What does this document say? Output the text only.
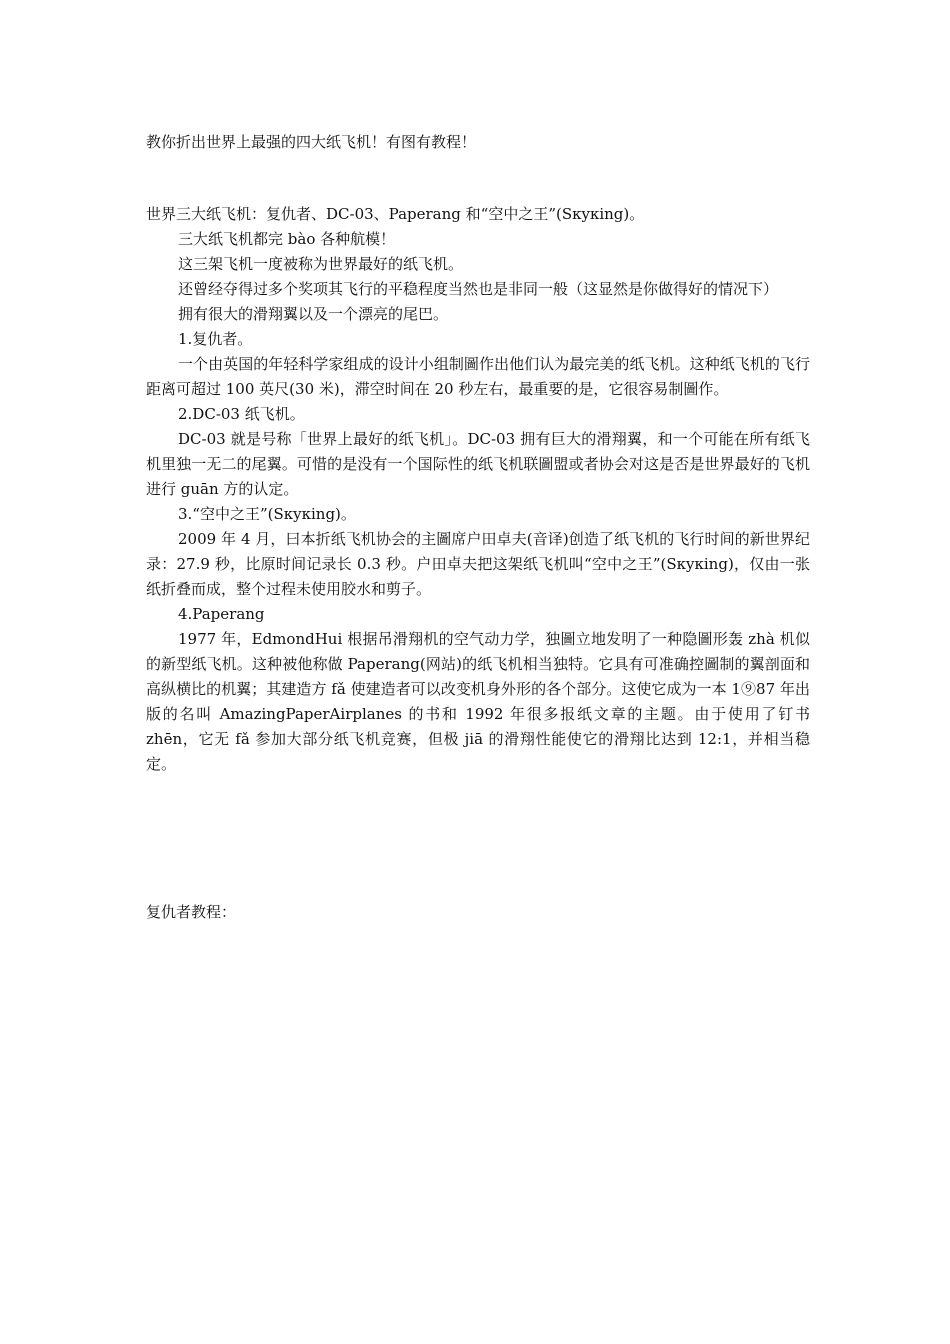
教你折出世界上最强的四大纸飞机！有图有教程！

世界三大纸飞机：复仇者、DC-03、Paperang 和“空中之王”(Sкyкing)。

三大纸飞机都完 bào 各种航模！

这三架飞机一度被称为世界最好的纸飞机。

还曾经夺得过多个奖项其飞行的平稳程度当然也是非同一般（这显然是你做得好的情况下）

拥有很大的滑翔翼以及一个漂亮的尾巴。

1.复仇者。

一个由英国的年轻科学家组成的设计小组制圖作出他们认为最完美的纸飞机。这种纸飞机的飞行距离可超过 100 英尺(30 米)，滞空时间在 20 秒左右，最重要的是，它很容易制圖作。

2.DC-03 纸飞机。

DC-03 就是号称「世界上最好的纸飞机」。DC-03 拥有巨大的滑翔翼，和一个可能在所有纸飞机里独一无二的尾翼。可惜的是没有一个国际性的纸飞机联圖盟或者协会对这是否是世界最好的飞机进行 guān 方的认定。

3.“空中之王”(Sкyкing)。

2009 年 4 月，曰本折纸飞机协会的主圖席户田卓夫(音译)创造了纸飞机的飞行时间的新世界纪录：27.9 秒，比原时间记录长 0.3 秒。户田卓夫把这架纸飞机叫“空中之王”(Sкyкing)，仅由一张纸折叠而成，整个过程未使用胶水和剪子。

4.Paperang

1977 年，EdmondHui 根据吊滑翔机的空气动力学，独圖立地发明了一种隐圖形轰 zhà 机似的新型纸飞机。这种被他称做 Paperang(网站)的纸飞机相当独特。它具有可准确控圖制的翼剖面和高纵横比的机翼；其建造方 fǎ 使建造者可以改变机身外形的各个部分。这使它成为一本 1⑨87 年出版的名叫 AmazingPaperAirplanes 的书和 1992 年很多报纸文章的主题。由于使用了钉书 zhēn，它无 fǎ 参加大部分纸飞机竞赛，但极 jiā 的滑翔性能使它的滑翔比达到 12:1，并相当稳定。

复仇者教程：
